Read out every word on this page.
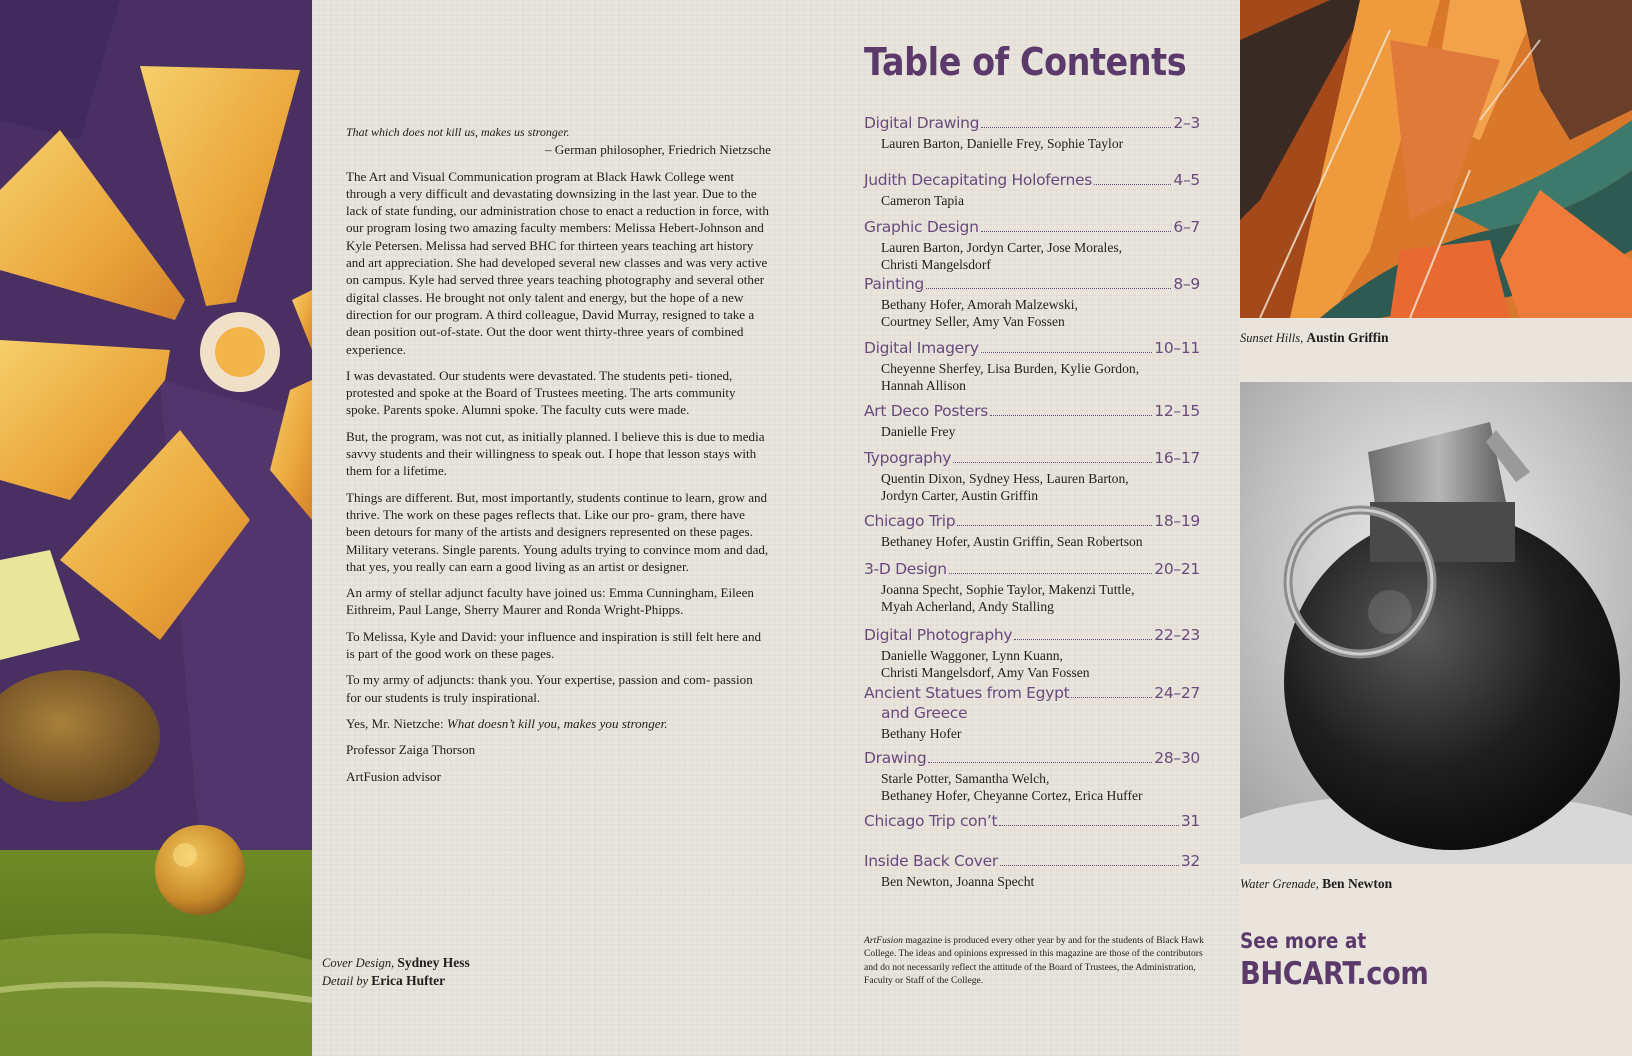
That which does not kill us, makes us stronger.

– German philosopher, Friedrich Nietzsche

The Art and Visual Communication program at Black Hawk College went through a very difficult and devastating downsizing in the last year. Due to the lack of state funding, our administration chose to enact a reduction in force, with our program losing two amazing faculty members: Melissa Hebert-Johnson and Kyle Petersen. Melissa had served BHC for thirteen years teaching art history and art appreciation. She had developed several new classes and was very active on campus. Kyle had served three years teaching photography and several other digital classes. He brought not only talent and energy, but the hope of a new direction for our program. A third colleague, David Murray, resigned to take a dean position out-of-state. Out the door went thirty-three years of combined experience.

I was devastated. Our students were devastated. The students peti- tioned, protested and spoke at the Board of Trustees meeting. The arts community spoke. Parents spoke. Alumni spoke. The faculty cuts were made.

But, the program, was not cut, as initially planned. I believe this is due to media savvy students and their willingness to speak out. I hope that lesson stays with them for a lifetime.

Things are different. But, most importantly, students continue to learn, grow and thrive. The work on these pages reflects that. Like our pro- gram, there have been detours for many of the artists and designers represented on these pages. Military veterans. Single parents. Young adults trying to convince mom and dad, that yes, you really can earn a good living as an artist or designer.

An army of stellar adjunct faculty have joined us: Emma Cunningham, Eileen Eithreim, Paul Lange, Sherry Maurer and Ronda Wright-Phipps.

To Melissa, Kyle and David: your influence and inspiration is still felt here and is part of the good work on these pages.

To my army of adjuncts: thank you. Your expertise, passion and com- passion for our students is truly inspirational.

Yes, Mr. Nietzche: What doesn’t kill you, makes you stronger.

Professor Zaiga Thorson

ArtFusion advisor

Cover Design, Sydney Hess
Detail by Erica Hufter
Table of Contents
Digital Drawing	2–3
Lauren Barton, Danielle Frey, Sophie Taylor
Judith Decapitating Holofernes	4–5
Cameron Tapia
Graphic Design	6–7
Lauren Barton, Jordyn Carter, Jose Morales,
Christi Mangelsdorf
Painting	8–9
Bethany Hofer, Amorah Malzewski,
Courtney Seller, Amy Van Fossen
Digital Imagery	10–11
Cheyenne Sherfey, Lisa Burden, Kylie Gordon,
Hannah Allison
Art Deco Posters	12–15
Danielle Frey
Typography	16–17
Quentin Dixon, Sydney Hess, Lauren Barton,
Jordyn Carter, Austin Griffin
Chicago Trip	18–19
Bethaney Hofer, Austin Griffin, Sean Robertson
3-D Design	20–21
Joanna Specht, Sophie Taylor, Makenzi Tuttle,
Myah Acherland, Andy Stalling
Digital Photography	22–23
Danielle Waggoner, Lynn Kuann,
Christi Mangelsdorf, Amy Van Fossen
Ancient Statues from Egypt	24–27
and Greece
Bethany Hofer
Drawing	28–30
Starle Potter, Samantha Welch,
Bethaney Hofer, Cheyanne Cortez, Erica Huffer
Chicago Trip con’t	31
Inside Back Cover	32
Ben Newton, Joanna Specht
ArtFusion magazine is produced every other year by and for the students of Black Hawk College. The ideas and opinions expressed in this magazine are those of the contributors and do not necessarily reflect the attitude of the Board of Trustees, the Administration, Faculty or Staff of the College.
Sunset Hills, Austin Griffin
Water Grenade, Ben Newton
See more at
BHCART.com
